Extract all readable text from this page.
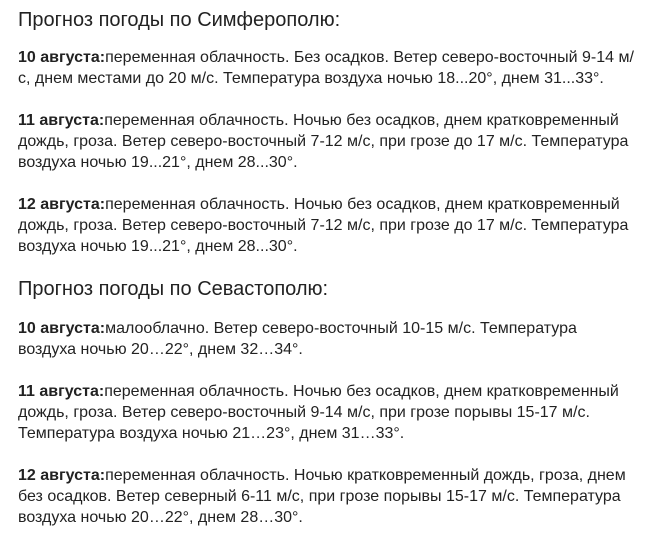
Прогноз погоды по Симферополю:

10 августа:переменная облачность. Без осадков. Ветер северо-восточный 9-14 м/с, днем местами до 20 м/с. Температура воздуха ночью 18...20°, днем 31...33°.

11 августа:переменная облачность. Ночью без осадков, днем кратковременный дождь, гроза. Ветер северо-восточный 7-12 м/с, при грозе до 17 м/с. Температура воздуха ночью 19...21°, днем 28...30°.

12 августа:переменная облачность. Ночью без осадков, днем кратковременный дождь, гроза. Ветер северо-восточный 7-12 м/с, при грозе до 17 м/с. Температура воздуха ночью 19...21°, днем 28...30°.

Прогноз погоды по Севастополю:

10 августа:малооблачно. Ветер северо-восточный 10-15 м/с. Температура воздуха ночью 20…22°, днем 32…34°.

11 августа:переменная облачность. Ночью без осадков, днем кратковременный дождь, гроза. Ветер северо-восточный 9-14 м/с, при грозе порывы 15-17 м/с. Температура воздуха ночью 21…23°, днем 31…33°.

12 августа:переменная облачность. Ночью кратковременный дождь, гроза, днем без осадков. Ветер северный 6-11 м/с, при грозе порывы 15-17 м/с. Температура воздуха ночью 20…22°, днем 28…30°.
